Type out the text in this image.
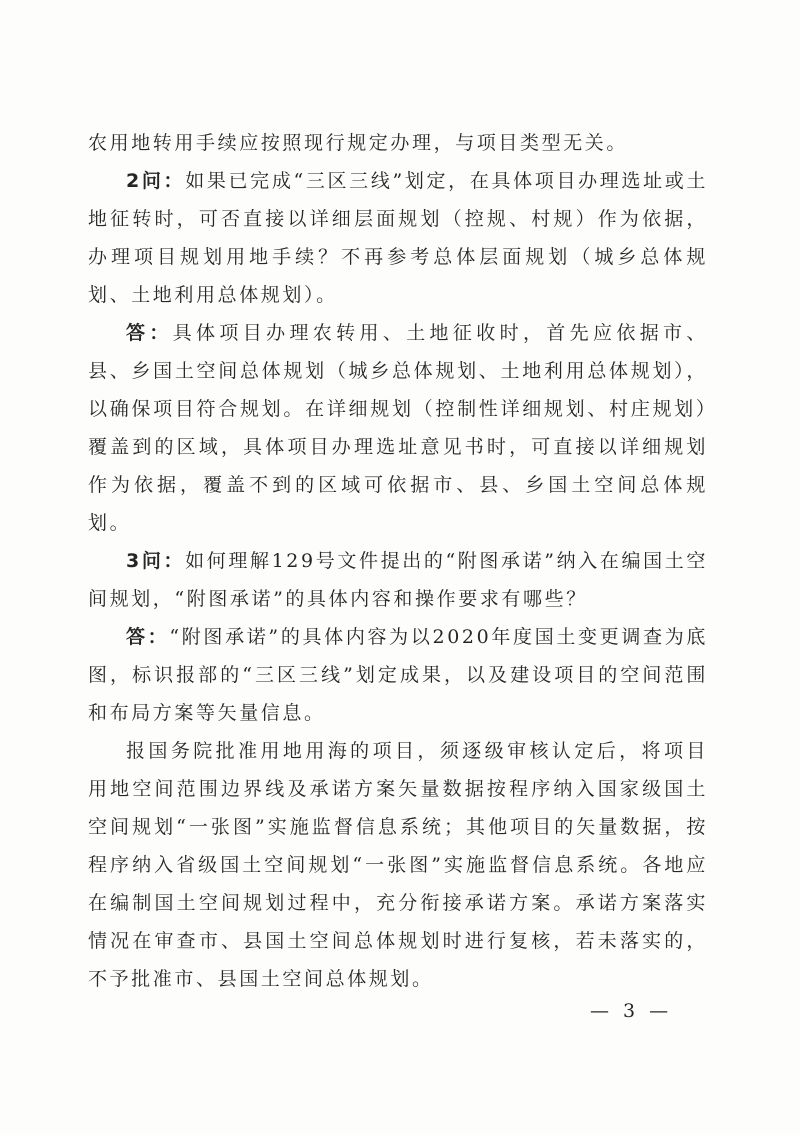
农用地转用手续应按照现行规定办理，与项目类型无关。

2问：如果已完成“三区三线”划定，在具体项目办理选址或土地征转时，可否直接以详细层面规划（控规、村规）作为依据，办理项目规划用地手续？不再参考总体层面规划（城乡总体规划、土地利用总体规划）。

答：具体项目办理农转用、土地征收时，首先应依据市、县、乡国土空间总体规划（城乡总体规划、土地利用总体规划），以确保项目符合规划。在详细规划（控制性详细规划、村庄规划）覆盖到的区域，具体项目办理选址意见书时，可直接以详细规划作为依据，覆盖不到的区域可依据市、县、乡国土空间总体规划。

3问：如何理解129号文件提出的“附图承诺”纳入在编国土空间规划，“附图承诺”的具体内容和操作要求有哪些？

答：“附图承诺”的具体内容为以2020年度国土变更调查为底图，标识报部的“三区三线”划定成果，以及建设项目的空间范围和布局方案等矢量信息。

报国务院批准用地用海的项目，须逐级审核认定后，将项目用地空间范围边界线及承诺方案矢量数据按程序纳入国家级国土空间规划“一张图”实施监督信息系统；其他项目的矢量数据，按程序纳入省级国土空间规划“一张图”实施监督信息系统。各地应在编制国土空间规划过程中，充分衔接承诺方案。承诺方案落实情况在审查市、县国土空间总体规划时进行复核，若未落实的，不予批准市、县国土空间总体规划。

— 3 —
